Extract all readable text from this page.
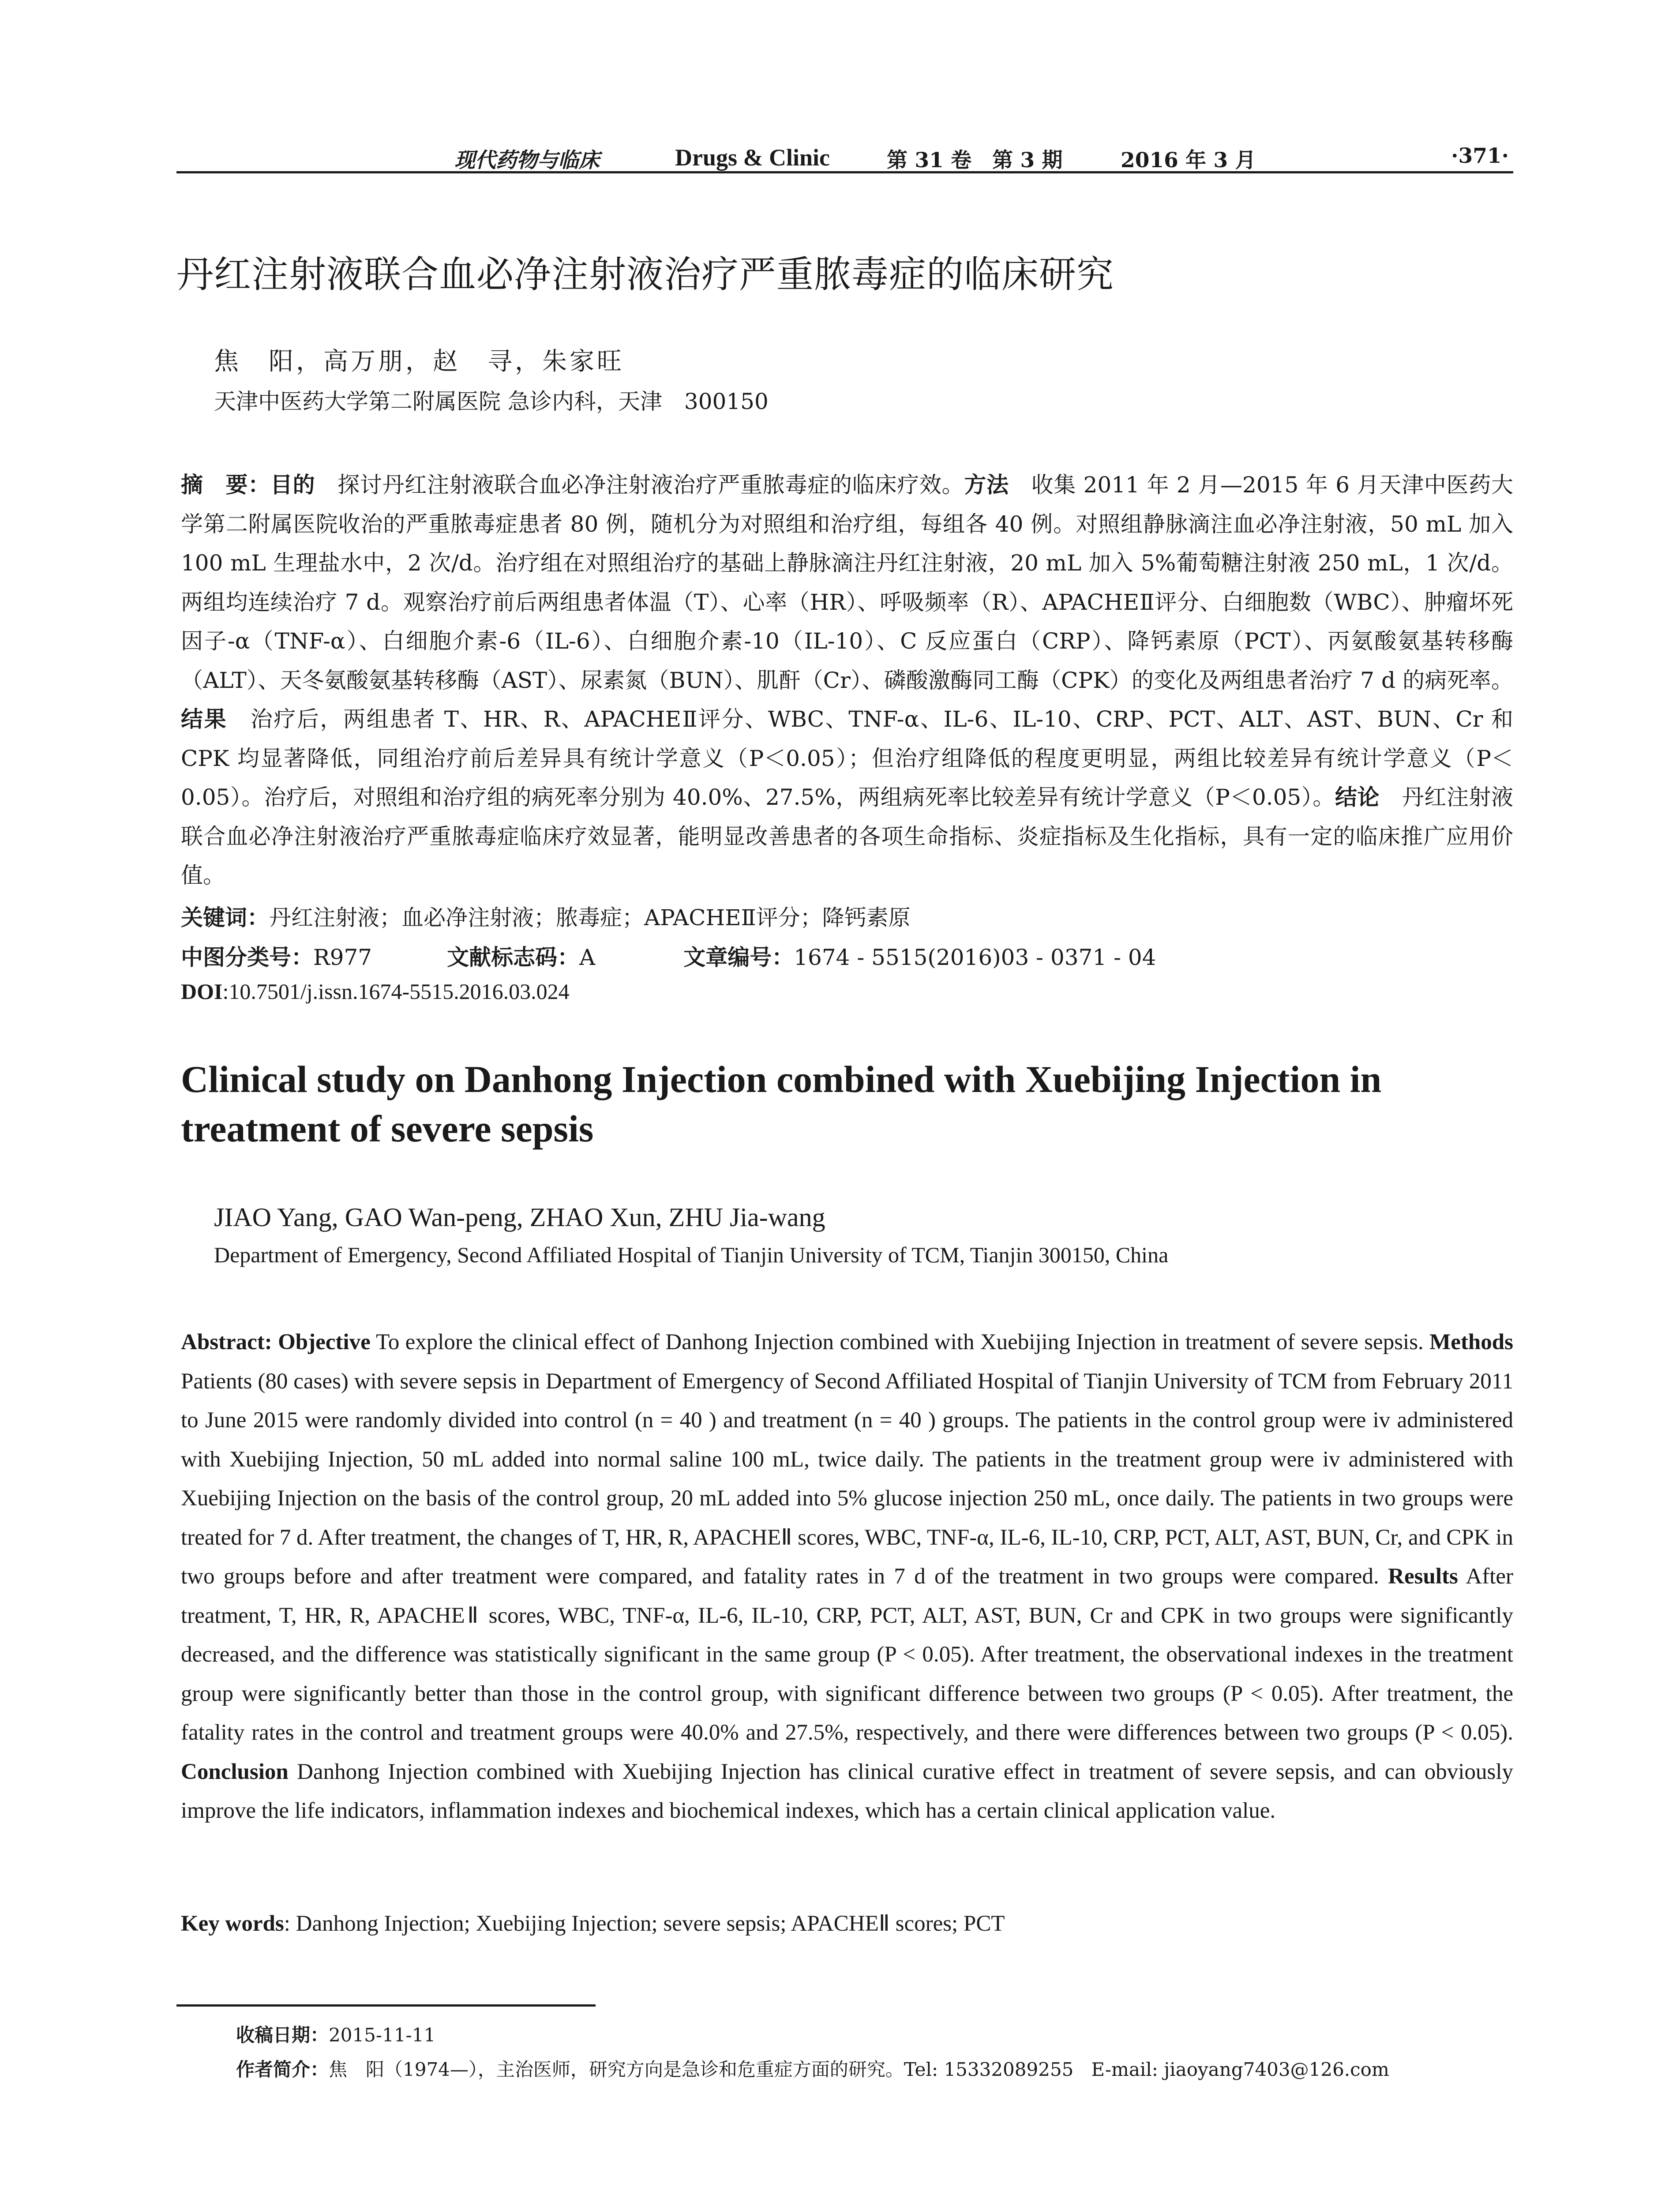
现代药物与临床	Drugs & Clinic	第 31 卷　第 3 期	2016 年 3 月	·371·
丹红注射液联合血必净注射液治疗严重脓毒症的临床研究
焦　阳，高万朋，赵　寻，朱家旺
天津中医药大学第二附属医院 急诊内科，天津　300150
摘　要：目的　探讨丹红注射液联合血必净注射液治疗严重脓毒症的临床疗效。方法　收集 2011 年 2 月—2015 年 6 月天津中医药大学第二附属医院收治的严重脓毒症患者 80 例，随机分为对照组和治疗组，每组各 40 例。对照组静脉滴注血必净注射液，50 mL 加入 100 mL 生理盐水中，2 次/d。治疗组在对照组治疗的基础上静脉滴注丹红注射液，20 mL 加入 5%葡萄糖注射液 250 mL，1 次/d。两组均连续治疗 7 d。观察治疗前后两组患者体温（T）、心率（HR）、呼吸频率（R）、APACHEⅡ评分、白细胞数（WBC）、肿瘤坏死因子-α（TNF-α）、白细胞介素-6（IL-6）、白细胞介素-10（IL-10）、C 反应蛋白（CRP）、降钙素原（PCT）、丙氨酸氨基转移酶（ALT）、天冬氨酸氨基转移酶（AST）、尿素氮（BUN）、肌酐（Cr）、磷酸激酶同工酶（CPK）的变化及两组患者治疗 7 d 的病死率。结果　治疗后，两组患者 T、HR、R、APACHEⅡ评分、WBC、TNF-α、IL-6、IL-10、CRP、PCT、ALT、AST、BUN、Cr 和 CPK 均显著降低，同组治疗前后差异具有统计学意义（P＜0.05）；但治疗组降低的程度更明显，两组比较差异有统计学意义（P＜0.05）。治疗后，对照组和治疗组的病死率分别为 40.0%、27.5%，两组病死率比较差异有统计学意义（P＜0.05）。结论　丹红注射液联合血必净注射液治疗严重脓毒症临床疗效显著，能明显改善患者的各项生命指标、炎症指标及生化指标，具有一定的临床推广应用价值。
关键词：丹红注射液；血必净注射液；脓毒症；APACHEⅡ评分；降钙素原
中图分类号：R977	文献标志码：A	文章编号：1674 - 5515(2016)03 - 0371 - 04
DOI:10.7501/j.issn.1674-5515.2016.03.024
Clinical study on Danhong Injection combined with Xuebijing Injection in treatment of severe sepsis
JIAO Yang, GAO Wan-peng, ZHAO Xun, ZHU Jia-wang
Department of Emergency, Second Affiliated Hospital of Tianjin University of TCM, Tianjin 300150, China
Abstract: Objective To explore the clinical effect of Danhong Injection combined with Xuebijing Injection in treatment of severe sepsis. Methods Patients (80 cases) with severe sepsis in Department of Emergency of Second Affiliated Hospital of Tianjin University of TCM from February 2011 to June 2015 were randomly divided into control (n = 40 ) and treatment (n = 40 ) groups. The patients in the control group were iv administered with Xuebijing Injection, 50 mL added into normal saline 100 mL, twice daily. The patients in the treatment group were iv administered with Xuebijing Injection on the basis of the control group, 20 mL added into 5% glucose injection 250 mL, once daily. The patients in two groups were treated for 7 d. After treatment, the changes of T, HR, R, APACHEⅡ scores, WBC, TNF-α, IL-6, IL-10, CRP, PCT, ALT, AST, BUN, Cr, and CPK in two groups before and after treatment were compared, and fatality rates in 7 d of the treatment in two groups were compared. Results After treatment, T, HR, R, APACHEⅡ scores, WBC, TNF-α, IL-6, IL-10, CRP, PCT, ALT, AST, BUN, Cr and CPK in two groups were significantly decreased, and the difference was statistically significant in the same group (P < 0.05). After treatment, the observational indexes in the treatment group were significantly better than those in the control group, with significant difference between two groups (P < 0.05). After treatment, the fatality rates in the control and treatment groups were 40.0% and 27.5%, respectively, and there were differences between two groups (P < 0.05). Conclusion Danhong Injection combined with Xuebijing Injection has clinical curative effect in treatment of severe sepsis, and can obviously improve the life indicators, inflammation indexes and biochemical indexes, which has a certain clinical application value.
Key words: Danhong Injection; Xuebijing Injection; severe sepsis; APACHEⅡ scores; PCT
收稿日期：2015-11-11
作者简介：焦　阳（1974—），主治医师，研究方向是急诊和危重症方面的研究。Tel: 15332089255 E-mail: jiaoyang7403@126.com
